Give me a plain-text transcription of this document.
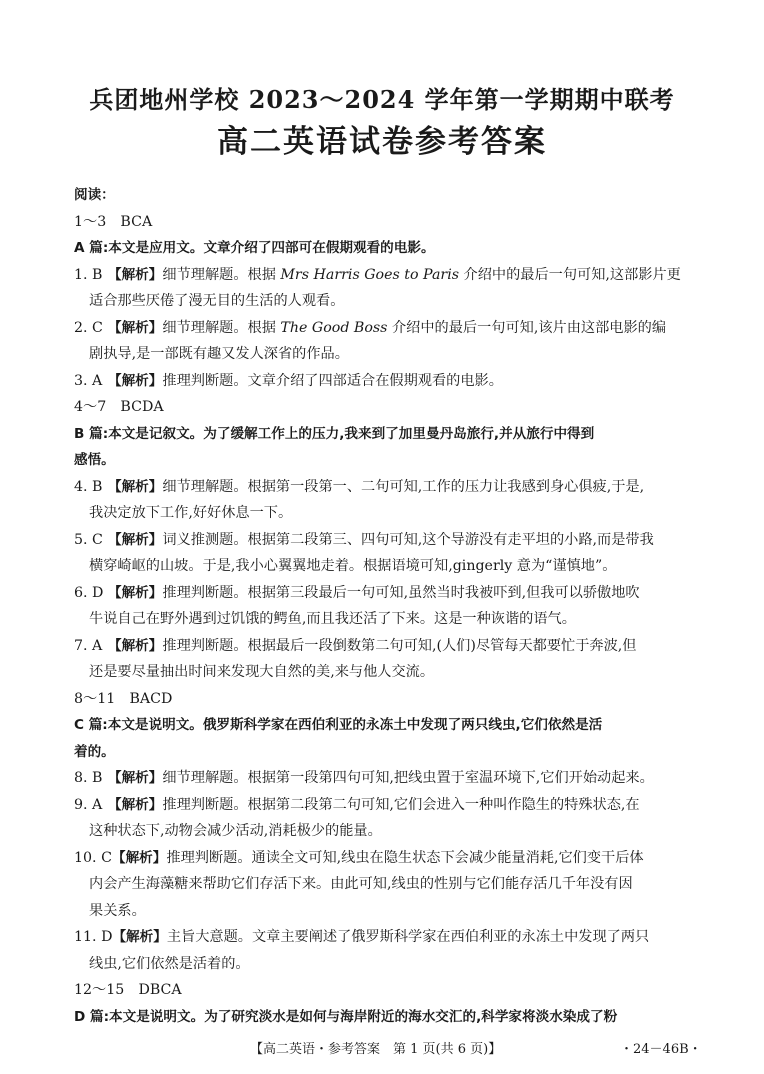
兵团地州学校 2023～2024 学年第一学期期中联考
高二英语试卷参考答案
阅读：
1～3　BCA
A 篇:本文是应用文。文章介绍了四部可在假期观看的电影。
1. B 【解析】细节理解题。根据 Mrs Harris Goes to Paris 介绍中的最后一句可知,这部影片更
适合那些厌倦了漫无目的生活的人观看。
2. C 【解析】细节理解题。根据 The Good Boss 介绍中的最后一句可知,该片由这部电影的编
剧执导,是一部既有趣又发人深省的作品。
3. A 【解析】推理判断题。文章介绍了四部适合在假期观看的电影。
4～7　BCDA
B 篇:本文是记叙文。为了缓解工作上的压力,我来到了加里曼丹岛旅行,并从旅行中得到
感悟。
4. B 【解析】细节理解题。根据第一段第一、二句可知,工作的压力让我感到身心俱疲,于是,
我决定放下工作,好好休息一下。
5. C 【解析】词义推测题。根据第二段第三、四句可知,这个导游没有走平坦的小路,而是带我
横穿崎岖的山坡。于是,我小心翼翼地走着。根据语境可知,gingerly 意为“谨慎地”。
6. D 【解析】推理判断题。根据第三段最后一句可知,虽然当时我被吓到,但我可以骄傲地吹
牛说自己在野外遇到过饥饿的鳄鱼,而且我还活了下来。这是一种诙谐的语气。
7. A 【解析】推理判断题。根据最后一段倒数第二句可知,(人们)尽管每天都要忙于奔波,但
还是要尽量抽出时间来发现大自然的美,来与他人交流。
8～11　BACD
C 篇:本文是说明文。俄罗斯科学家在西伯利亚的永冻土中发现了两只线虫,它们依然是活
着的。
8. B 【解析】细节理解题。根据第一段第四句可知,把线虫置于室温环境下,它们开始动起来。
9. A 【解析】推理判断题。根据第二段第二句可知,它们会进入一种叫作隐生的特殊状态,在
这种状态下,动物会减少活动,消耗极少的能量。
10. C【解析】推理判断题。通读全文可知,线虫在隐生状态下会减少能量消耗,它们变干后体
内会产生海藻糖来帮助它们存活下来。由此可知,线虫的性别与它们能存活几千年没有因
果关系。
11. D【解析】主旨大意题。文章主要阐述了俄罗斯科学家在西伯利亚的永冻土中发现了两只
线虫,它们依然是活着的。
12～15　DBCA
D 篇:本文是说明文。为了研究淡水是如何与海岸附近的海水交汇的,科学家将淡水染成了粉
【高二英语・参考答案　第 1 页(共 6 页)】	・24－46B・
